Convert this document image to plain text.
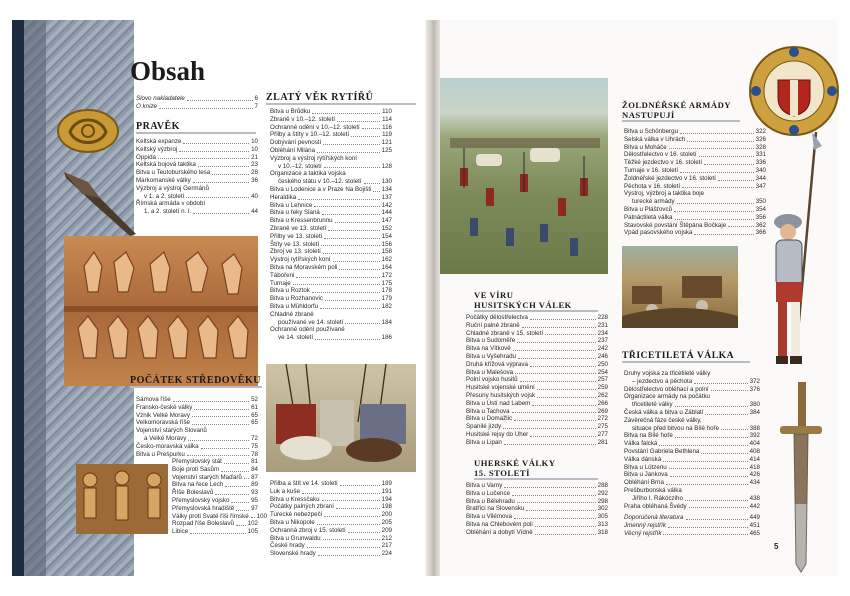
Obsah
Slovo nakladatele	6
O knize	7
PRAVĚK
Keltská expanze	10
Keltský výzbroj	10
Oppida	21
Keltská bojová taktika	23
Bitva u Teutoburského lesa	28
Markomanské války	36
Výzbroj a výstroj Germánů
v 1. a 2. století	40
Římská armáda v období
1. a 2. století n. l.	44
POČÁTEK STŘEDOVĚKU
Sámova říše	52
Fransko-české války	61
Vznik Velké Moravy	65
Velkomoravská říše	65
Vojenství starých Slovanů
a Velké Moravy	72
Česko-moravská válka	75
Bitva u Prešpurku	78
Přemyslovský stát	81
Boje proti Sasům	84
Vojenství starých Maďarů 87
Bitva na řece Lech	89
Říše Boleslavů	93
Přemyslovský vojsko	95
Přemyslovská hradiště	97
Války proti Svaté říši římské 100
Rozpad říše Boleslavů 102
Libice	105
ZLATÝ VĚK RYTÍŘŮ
Bitva u Brůdku	110
Zbraně v 10.–12. století	114
Ochranné odění v 10.–12. století	116
Přilby a štíty v 10.–12. století	119
Dobývání pevností	121
Obléhání Milána	125
Výzbroj a výstroj rytířských koní
v 10.–12. století	128
Organizace a taktika vojska
českého státu v 10.–12. století	130
Bitva u Lodenice a v Praze Na Bojišti 134
Heraldika	137
Bitva u Lehnice	142
Bitva u řeky Slaná	144
Bitva u Kressenbrunnu	147
Zbraně ve 13. století	152
Přilby ve 13. století	154
Štíty ve 13. století	156
Zbroj ve 13. století	158
Výstroj rytířských koní	162
Bitva na Moravském poli	164
Tábořeni	172
Turnaje	175
Bitva u Roztok	178
Bitva u Rozhanovic	179
Bitva u Mühldorfu	182
Chladné zbraně
používané ve 14. století	184
Ochranné odění používané
ve 14. století	186
Přilba a štít ve 14. století	189
Luk a kuše	191
Bitva u Kressčaku	194
Počátky palných zbraní	198
Turecké nebezpečí	200
Bitva u Nikopole	205
Ochranná zbroj v 15. století	209
Bitva u Grunwaldu	212
České hrady	217
Slovenské hrady	224
ŽOLDNÉŘSKÉ ARMÁDY
NASTUPUJÍ
Bitva u Schönbergu	322
Selská válka v Uhrách	326
Bitva u Moháče	328
Dělostřelectvo v 16. století	331
Těžké jezdectvo v 16. století	336
Turnaje v 16. století	340
Žoldnéřské jezdectvo v 16. století	344
Pěchota v 16. století	347
Výstroj, výzbroj a taktika boje
turecké armády	350
Bitva u Plášťovců	354
Patnáctiletá válka	356
Stavovské povstání Štěpána Bočkaje	362
Vpád pasovského vojska	366
VE VÍRU
HUSITSKÝCH VÁLEK
Počátky dělostřelectva	228
Ruční palné zbraně	231
Chladné zbraně v 15. století	234
Bitva u Sudoměře	237
Bitva na Vítkově	242
Bitva u Vyšehradu	246
Druhá křížová výprava	250
Bitva u Malešova	254
Polní vojsko husitů	257
Husitské vojenské umění	259
Přesuny husitských vojsk	262
Bitva u Ústí nad Labem	266
Bitva u Tachova	269
Bitva u Domažlic	272
Spanilé jízdy	275
Husitské rejsy do Uher	277
Bitva u Lipan	281
UHERSKÉ VÁLKY
15. STOLETÍ
Bitva u Varny	288
Bitva u Lučence	292
Bitva u Bělehradu	298
Bratříci na Slovensku	302
Bitva u Vilémova	305
Bitva na Chlebovém poli	313
Obléhání a dobytí Vídně	318
TŘICETILETÁ VÁLKA
Druhy vojska za třicetileté války
– jezdectvo a pěchota	372
Dělostřelectvo obléhací a polní	376
Organizace armády na počátku
třicetileté války	380
Česká válka a bitva u Záblatí	384
Závěrečná fáze české války,
situace před bitvou na Bílé hoře	388
Bitva na Bílé hoře	392
Válka falcká	404
Povstání Gabriela Bethlena	408
Válka dánská	414
Bitva u Lützenu	418
Bitva u Jankova	426
Obléhání Brna	434
Prešburbonská válka
Jiřího I. Rákócziho	438
Praha obléhaná Švédy	442
Doporučená literatura	449
Jmenný rejstřík	451
Věcný rejstřík	465
5
